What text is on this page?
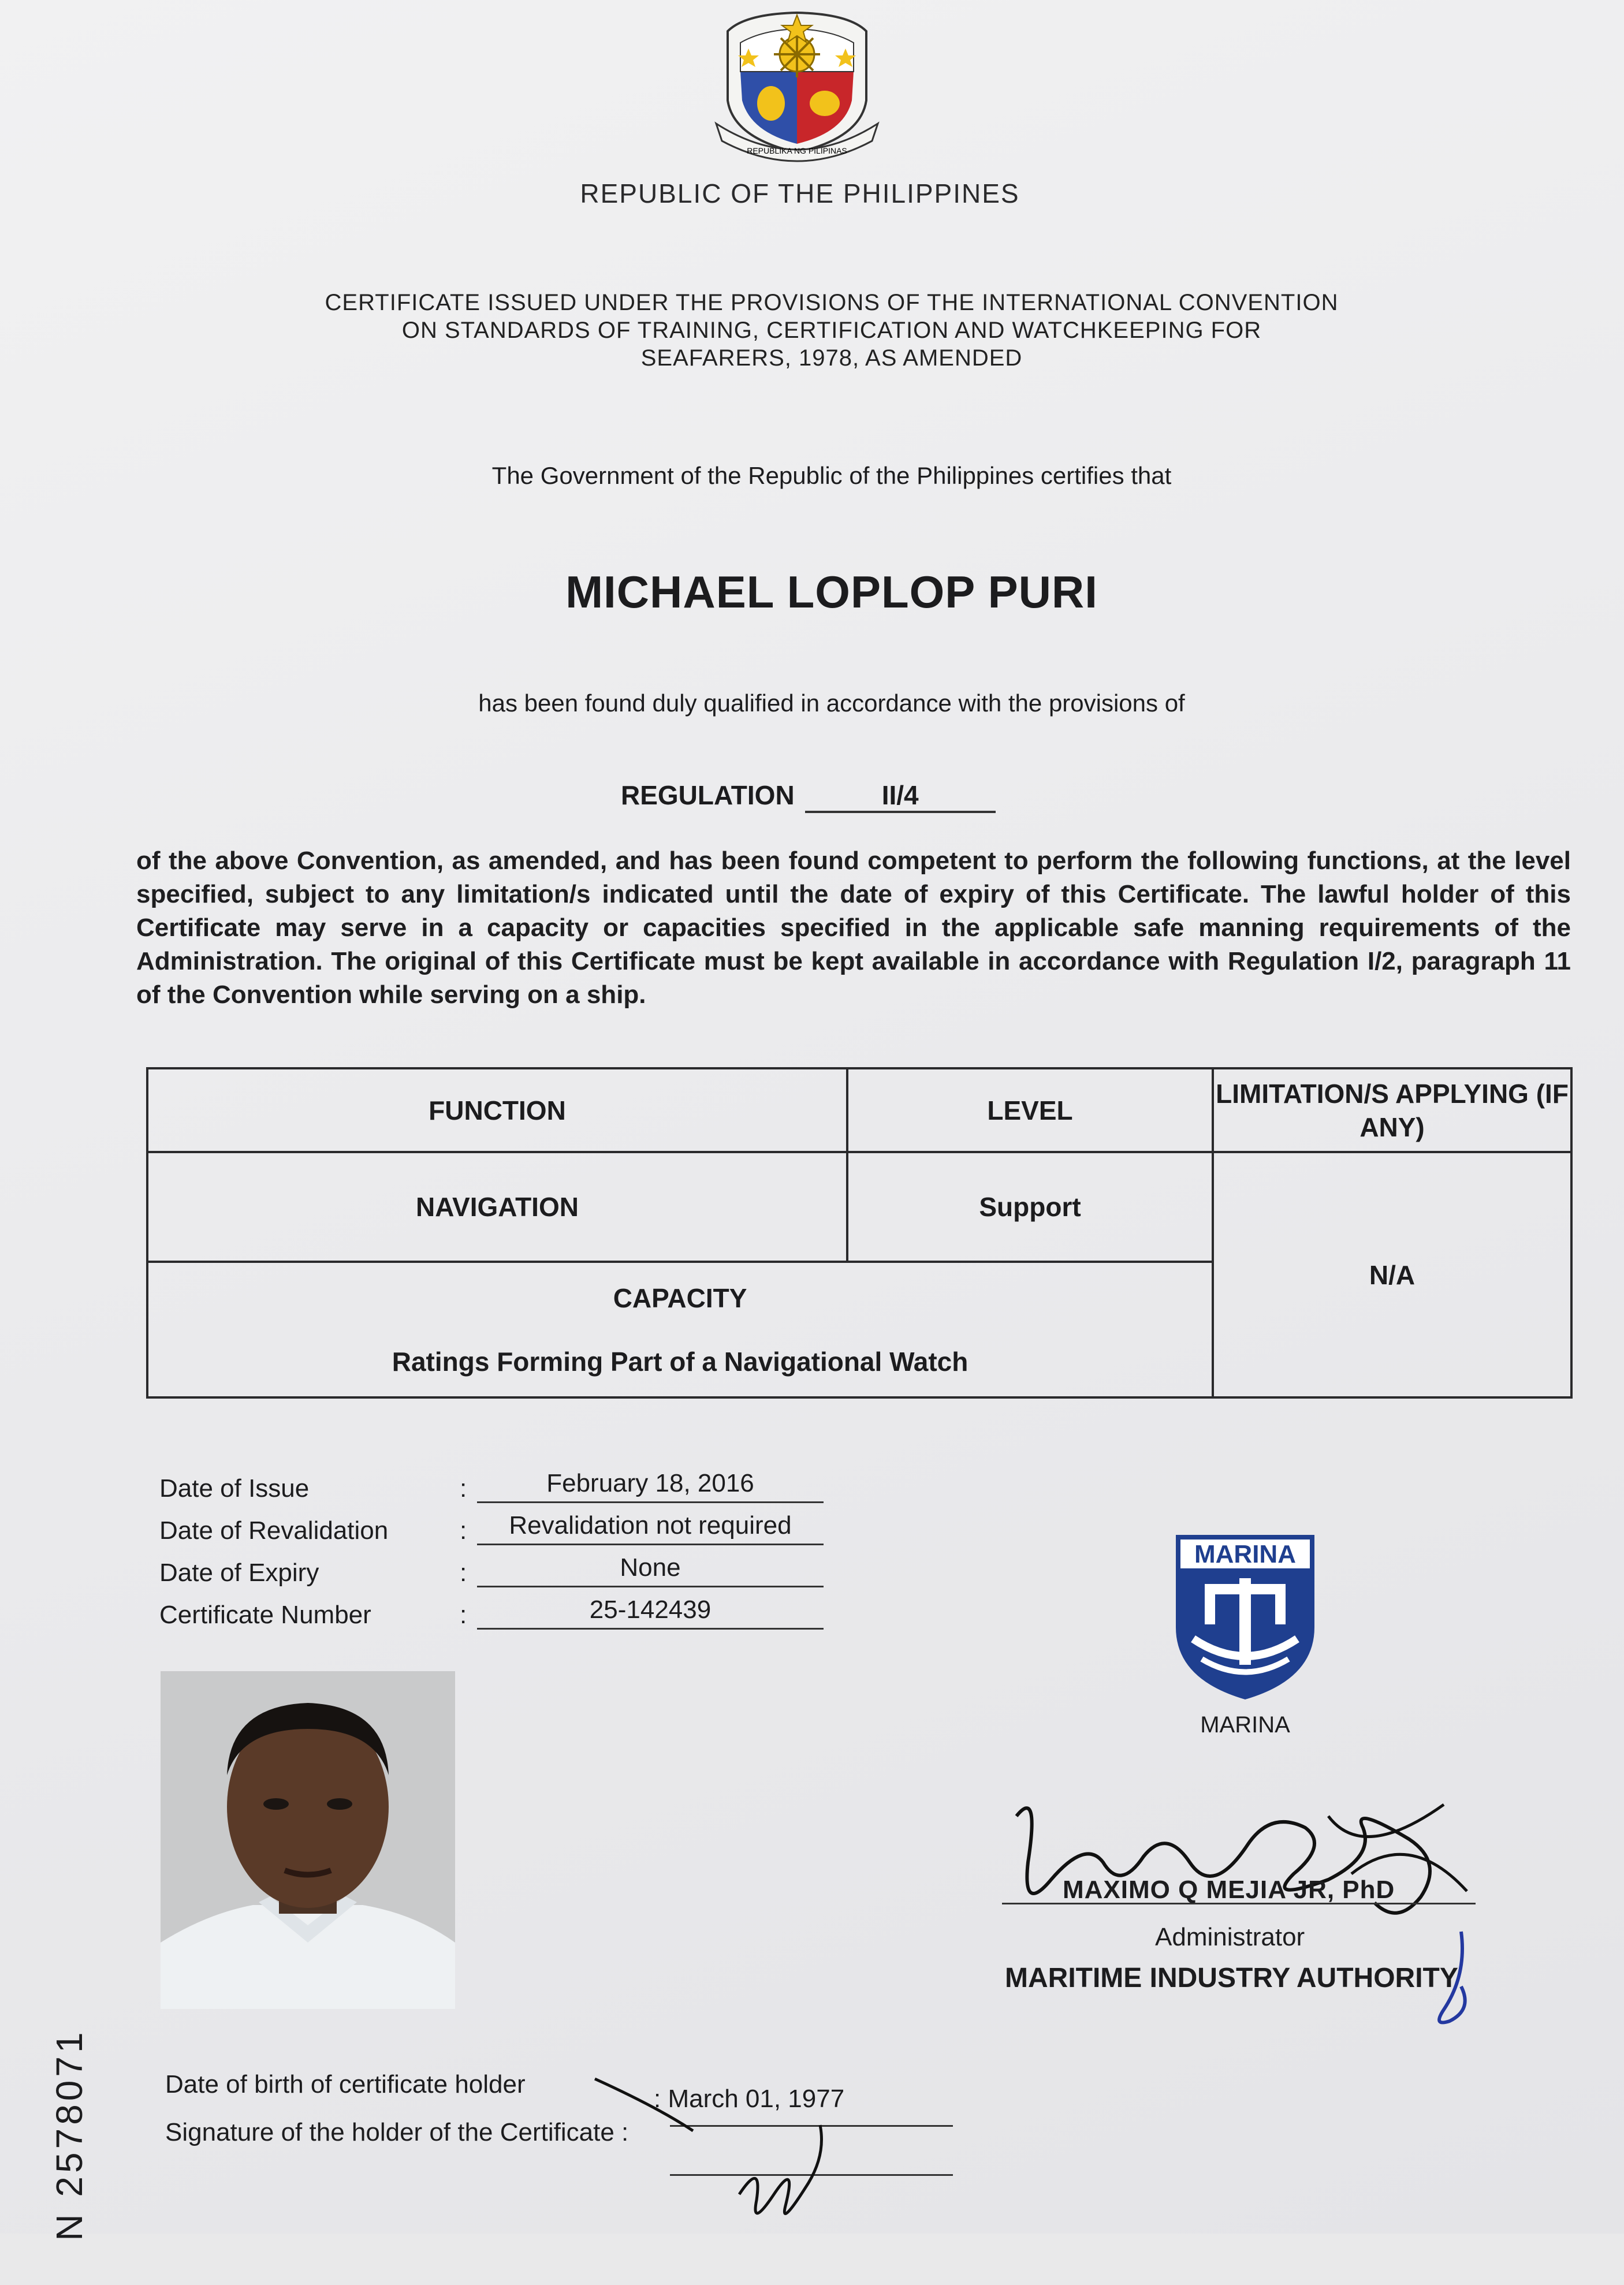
REPUBLIKA NG PILIPINAS
REPUBLIC OF THE PHILIPPINES
CERTIFICATE ISSUED UNDER THE PROVISIONS OF THE INTERNATIONAL CONVENTION ON STANDARDS OF TRAINING, CERTIFICATION AND WATCHKEEPING FOR SEAFARERS, 1978, AS AMENDED
The Government of the Republic of the Philippines certifies that
MICHAEL LOPLOP PURI
has been found duly qualified in accordance with the provisions of
REGULATION	II/4
of the above Convention, as amended, and has been found competent to perform the following functions, at the level specified, subject to any limitation/s indicated until the date of expiry of this Certificate. The lawful holder of this Certificate may serve in a capacity or capacities specified in the applicable safe manning requirements of the Administration. The original of this Certificate must be kept available in accordance with Regulation I/2, paragraph 11 of the Convention while serving on a ship.
FUNCTION	LEVEL	LIMITATION/S APPLYING (IF ANY)
NAVIGATION	Support	N/A

CAPACITY
Ratings Forming Part of a Navigational Watch		
Date of Issue	:	February 18, 2016
Date of Revalidation	:	Revalidation not required
Date of Expiry	:	None
Certificate Number	:	25-142439
MARINA
MARINA
MAXIMO Q MEJIA JR, PhD
Administrator
MARITIME INDUSTRY AUTHORITY
Date of birth of certificate holder
: March 01, 1977
Signature of the holder of the Certificate :
N 2578071
